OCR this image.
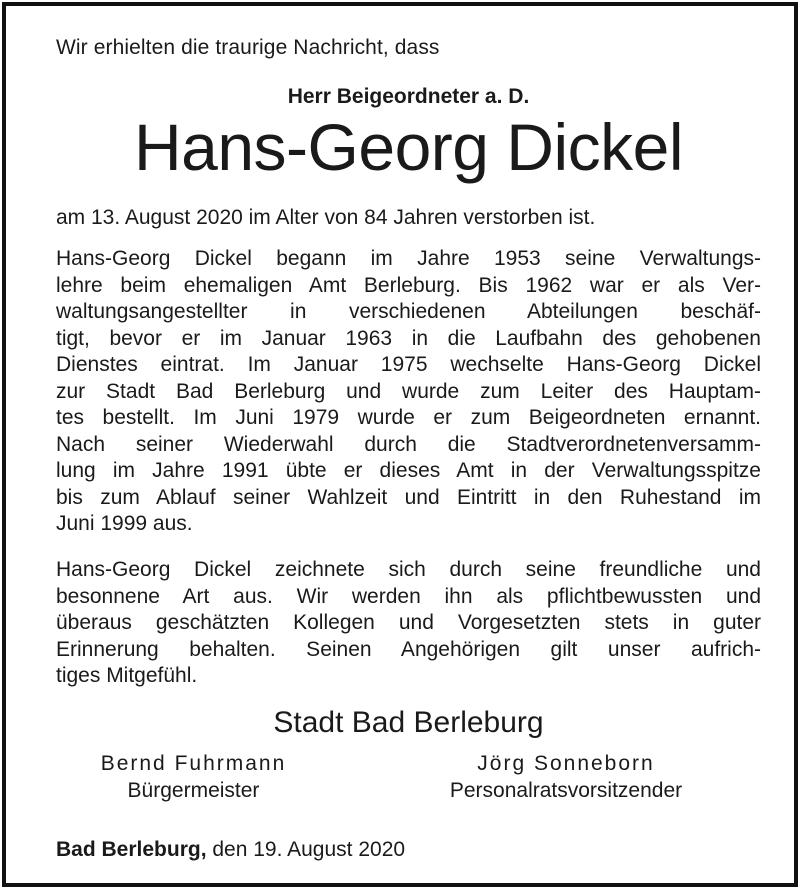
Wir erhielten die traurige Nachricht, dass
Herr Beigeordneter a. D.
Hans-Georg Dickel
am 13. August 2020 im Alter von 84 Jahren verstorben ist.
Hans-Georg Dickel begann im Jahre 1953 seine Verwaltungs-
lehre beim ehemaligen Amt Berleburg. Bis 1962 war er als Ver-
waltungsangestellter in verschiedenen Abteilungen beschäf-
tigt, bevor er im Januar 1963 in die Laufbahn des gehobenen
Dienstes eintrat. Im Januar 1975 wechselte Hans-Georg Dickel
zur Stadt Bad Berleburg und wurde zum Leiter des Hauptam-
tes bestellt. Im Juni 1979 wurde er zum Beigeordneten ernannt.
Nach seiner Wiederwahl durch die Stadtverordnetenversamm-
lung im Jahre 1991 übte er dieses Amt in der Verwaltungsspitze
bis zum Ablauf seiner Wahlzeit und Eintritt in den Ruhestand im
Juni 1999 aus.
Hans-Georg Dickel zeichnete sich durch seine freundliche und
besonnene Art aus. Wir werden ihn als pflichtbewussten und
überaus geschätzten Kollegen und Vorgesetzten stets in guter
Erinnerung behalten. Seinen Angehörigen gilt unser aufrich-
tiges Mitgefühl.
Stadt Bad Berleburg
Bernd Fuhrmann
Bürgermeister
Jörg Sonneborn
Personalratsvorsitzender
Bad Berleburg, den 19. August 2020
